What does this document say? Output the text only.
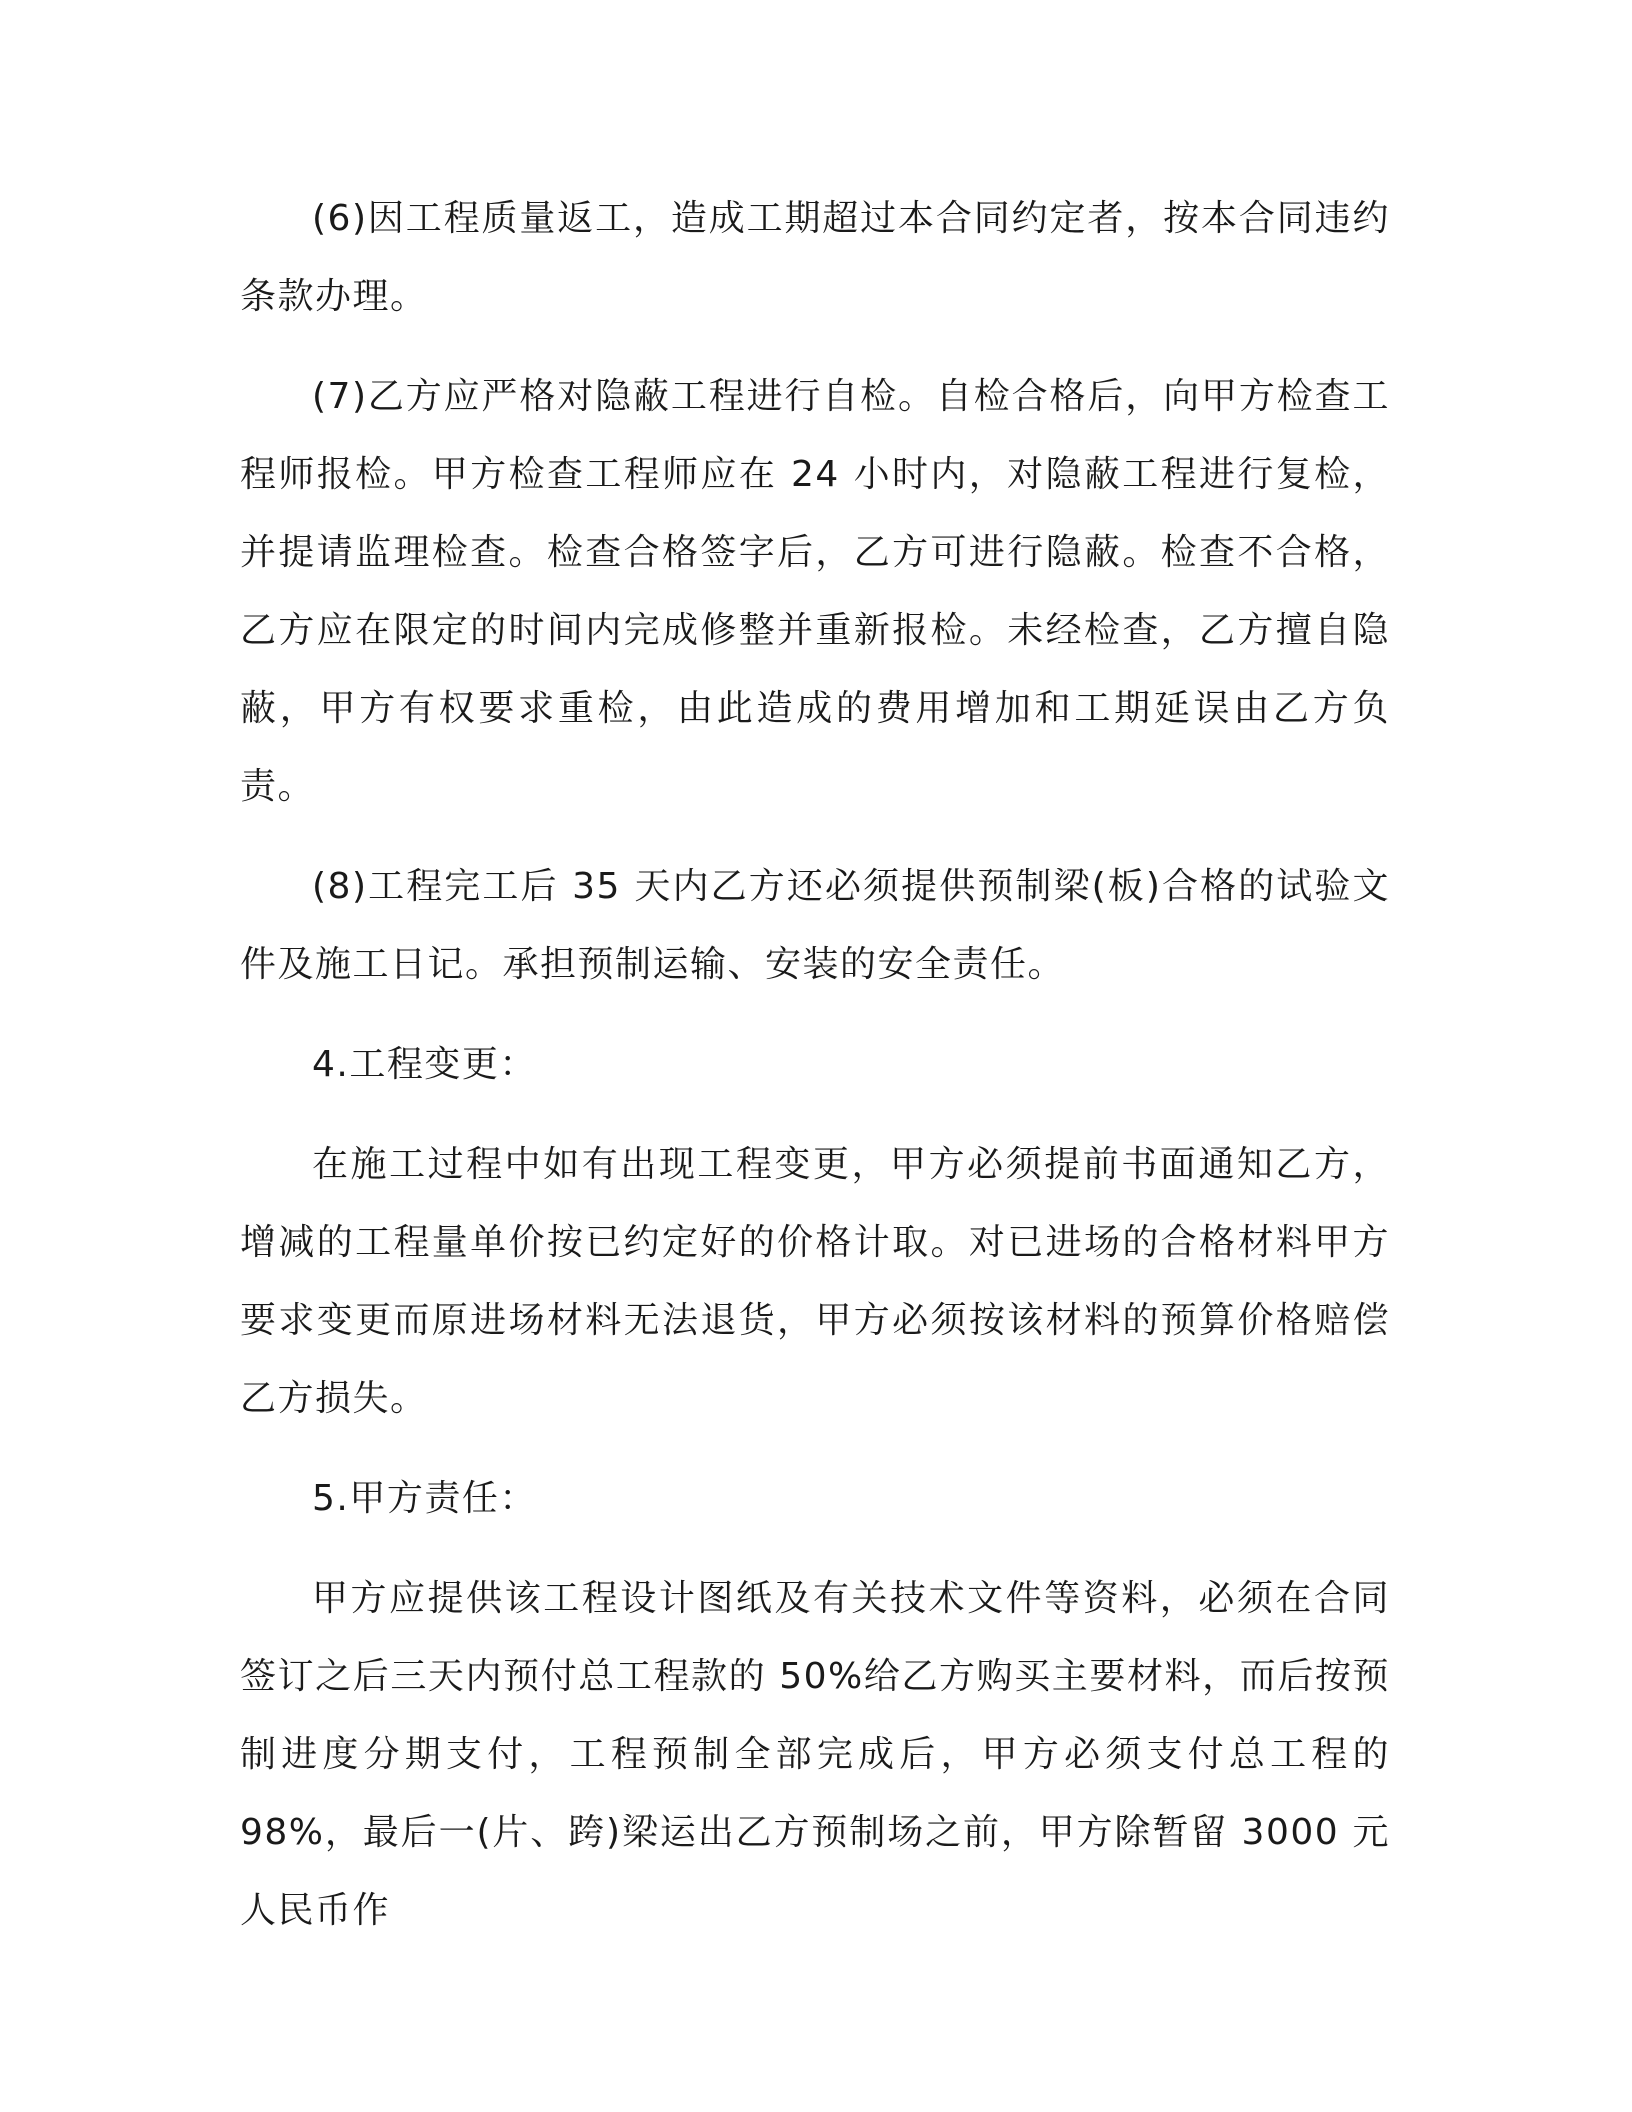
(6)因工程质量返工，造成工期超过本合同约定者，按本合同违约条款办理。

(7)乙方应严格对隐蔽工程进行自检。自检合格后，向甲方检查工程师报检。甲方检查工程师应在 24 小时内，对隐蔽工程进行复检，并提请监理检查。检查合格签字后，乙方可进行隐蔽。检查不合格，乙方应在限定的时间内完成修整并重新报检。未经检查，乙方擅自隐蔽，甲方有权要求重检，由此造成的费用增加和工期延误由乙方负责。

(8)工程完工后 35 天内乙方还必须提供预制梁(板)合格的试验文件及施工日记。承担预制运输、安装的安全责任。

4.工程变更：

在施工过程中如有出现工程变更，甲方必须提前书面通知乙方，增减的工程量单价按已约定好的价格计取。对已进场的合格材料甲方要求变更而原进场材料无法退货，甲方必须按该材料的预算价格赔偿乙方损失。

5.甲方责任：

甲方应提供该工程设计图纸及有关技术文件等资料，必须在合同签订之后三天内预付总工程款的 50%给乙方购买主要材料，而后按预制进度分期支付，工程预制全部完成后，甲方必须支付总工程的 98%，最后一(片、跨)梁运出乙方预制场之前，甲方除暂留 3000 元人民币作
